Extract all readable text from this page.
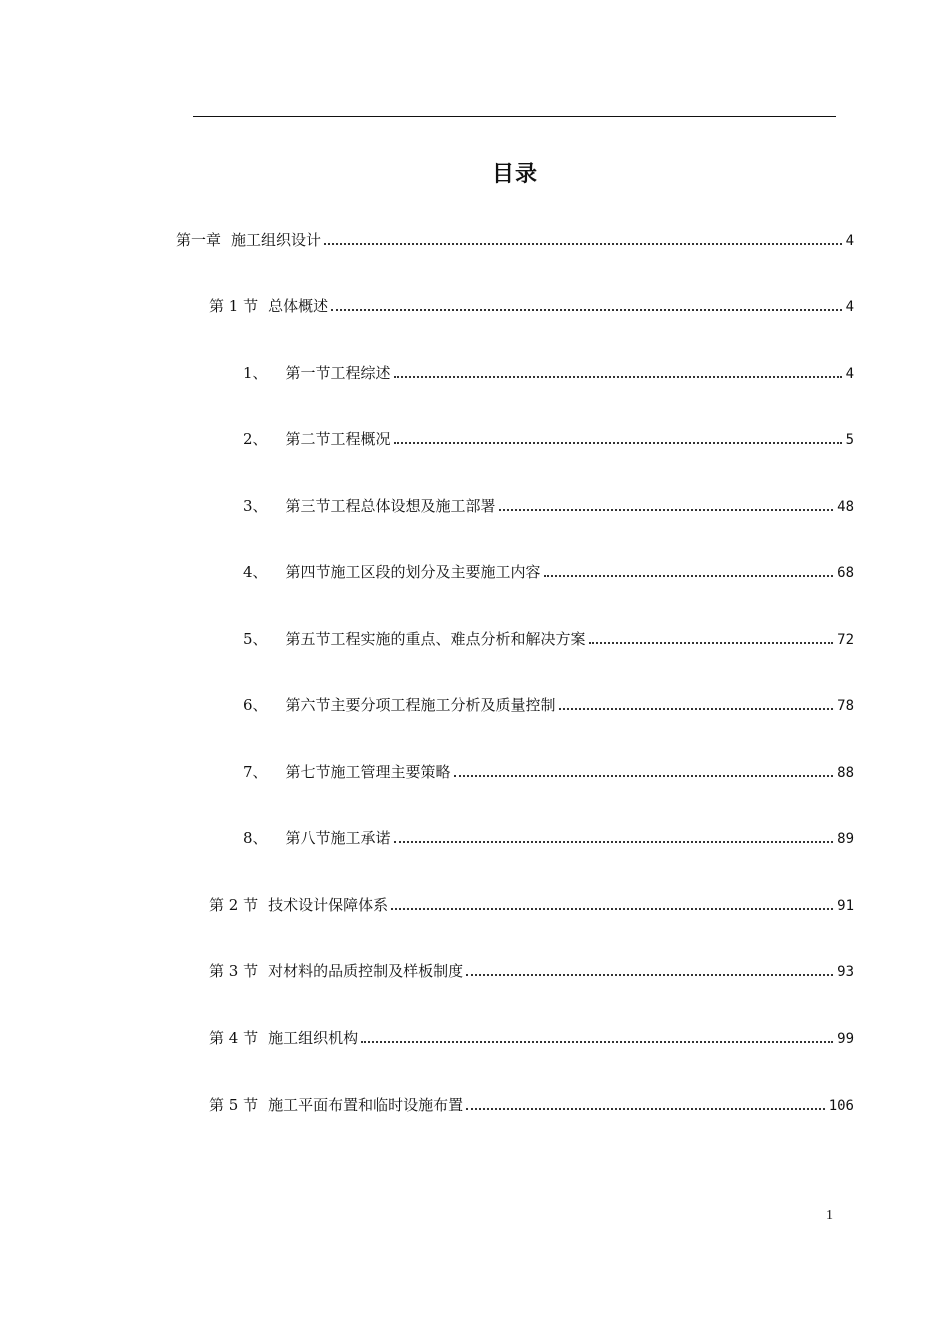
目录
第一章 施工组织设计	4
第 1 节 总体概述	4
1、 第一节工程综述	4
2、 第二节工程概况	5
3、 第三节工程总体设想及施工部署	48
4、 第四节施工区段的划分及主要施工内容	68
5、 第五节工程实施的重点、难点分析和解决方案	72
6、 第六节主要分项工程施工分析及质量控制	78
7、 第七节施工管理主要策略	88
8、 第八节施工承诺	89
第 2 节 技术设计保障体系	91
第 3 节 对材料的品质控制及样板制度	93
第 4 节 施工组织机构	99
第 5 节 施工平面布置和临时设施布置	106
1
